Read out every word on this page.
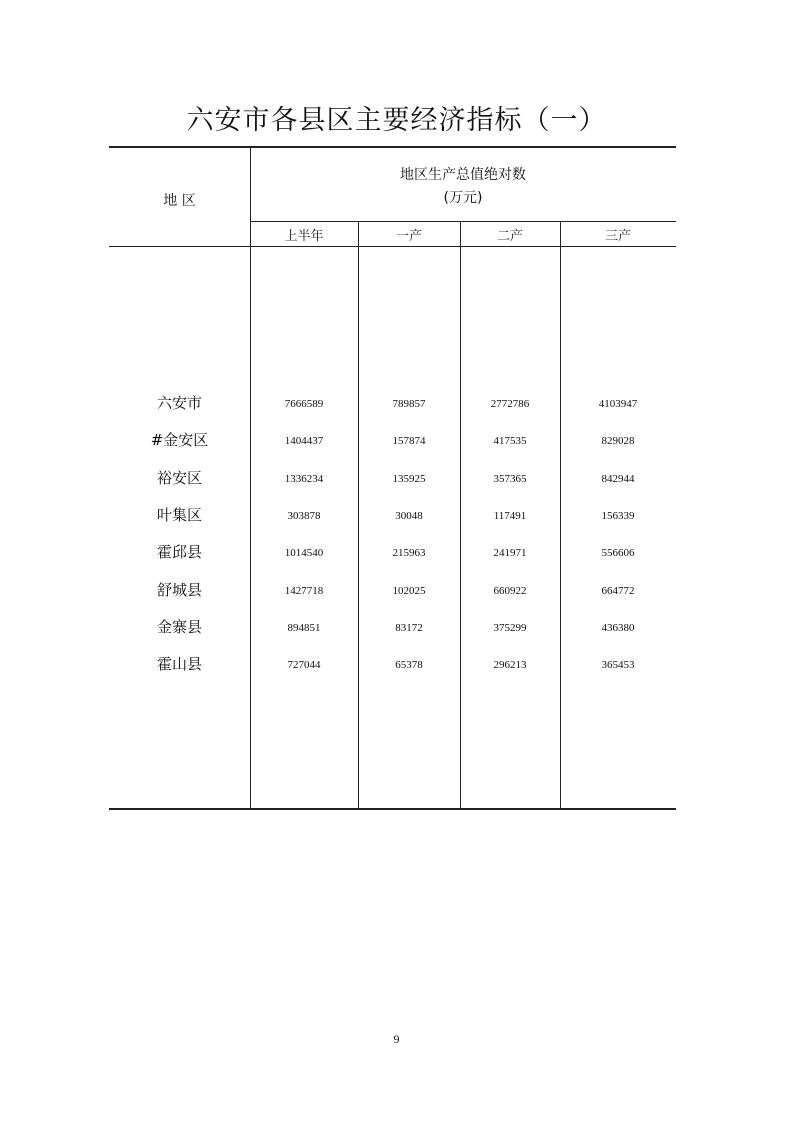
六安市各县区主要经济指标（一）
地 区
地区生产总值绝对数
(万元)
上半年	一产	二产	三产
六安市	7666589	789857	2772786	4103947
#金安区	1404437	157874	417535	829028
裕安区	1336234	135925	357365	842944
叶集区	303878	30048	117491	156339
霍邱县	1014540	215963	241971	556606
舒城县	1427718	102025	660922	664772
金寨县	894851	83172	375299	436380
霍山县	727044	65378	296213	365453
9
